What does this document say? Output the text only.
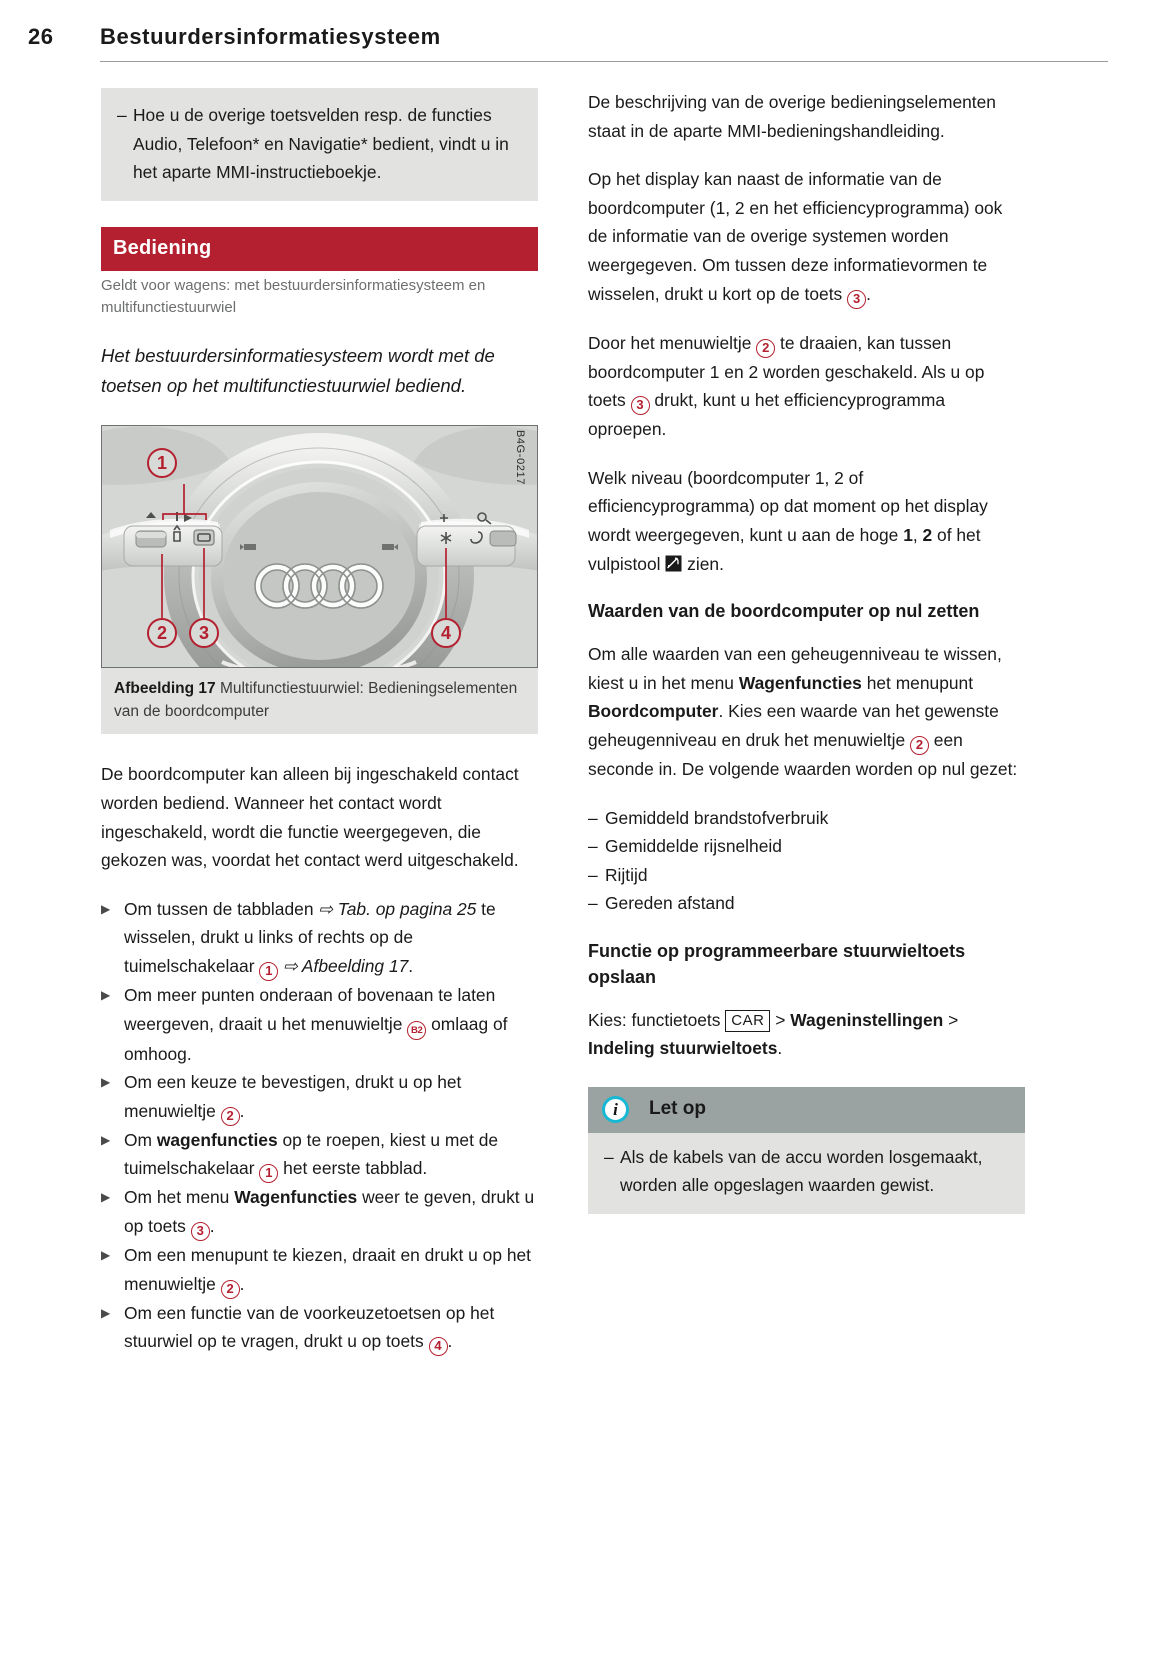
26	Bestuurdersinformatiesysteem
– Hoe u de overige toetsvelden resp. de functies Audio, Telefoon* en Navigatie* bedient, vindt u in het aparte MMI-instructieboekje.
Bediening
Geldt voor wagens: met bestuurdersinformatiesysteem en multifunctiestuurwiel
Het bestuurdersinformatiesysteem wordt met de toetsen op het multifunctiestuurwiel bediend.
1
2	3	4
B4G-0217
Afbeelding 17 Multifunctiestuurwiel: Bedieningselementen van de boordcomputer

De boordcomputer kan alleen bij ingeschakeld contact worden bediend. Wanneer het contact wordt ingeschakeld, wordt die functie weergegeven, die gekozen was, voordat het contact werd uitgeschakeld.

▶ Om tussen de tabbladen ⇨ Tab. op pagina 25 te wisselen, drukt u links of rechts op de tuimelschakelaar 1 ⇨ Afbeelding 17.
▶ Om meer punten onderaan of bovenaan te laten weergeven, draait u het menuwieltje B2 omlaag of omhoog.
▶ Om een keuze te bevestigen, drukt u op het menuwieltje 2 .
▶ Om wagenfuncties op te roepen, kiest u met de tuimelschakelaar 1 het eerste tabblad.
▶ Om het menu Wagenfuncties weer te geven, drukt u op toets 3 .
▶ Om een menupunt te kiezen, draait en drukt u op het menuwieltje 2 .
▶ Om een functie van de voorkeuzetoetsen op het stuurwiel op te vragen, drukt u op toets 4 .

De beschrijving van de overige bedieningselementen staat in de aparte MMI-bedieningshandleiding.

Op het display kan naast de informatie van de boordcomputer (1, 2 en het efficiencyprogramma) ook de informatie van de overige systemen worden weergegeven. Om tussen deze informatievormen te wisselen, drukt u kort op de toets 3 .

Door het menuwieltje 2 te draaien, kan tussen boordcomputer 1 en 2 worden geschakeld. Als u op toets 3 drukt, kunt u het efficiencyprogramma oproepen.

Welk niveau (boordcomputer 1, 2 of efficiencyprogramma) op dat moment op het display wordt weergegeven, kunt u aan de hoge 1, 2 of het vulpistool  zien.

Waarden van de boordcomputer op nul zetten

Om alle waarden van een geheugenniveau te wissen, kiest u in het menu Wagenfuncties het menupunt Boordcomputer. Kies een waarde van het gewenste geheugenniveau en druk het menuwieltje 2 een seconde in. De volgende waarden worden op nul gezet:

– Gemiddeld brandstofverbruik
– Gemiddelde rijsnelheid
– Rijtijd
– Gereden afstand
Functie op programmeerbare stuurwieltoets opslaan

Kies: functietoets CAR > Wageninstellingen > Indeling stuurwieltoets.

i	Let op
– Als de kabels van de accu worden losgemaakt, worden alle opgeslagen waarden gewist.
